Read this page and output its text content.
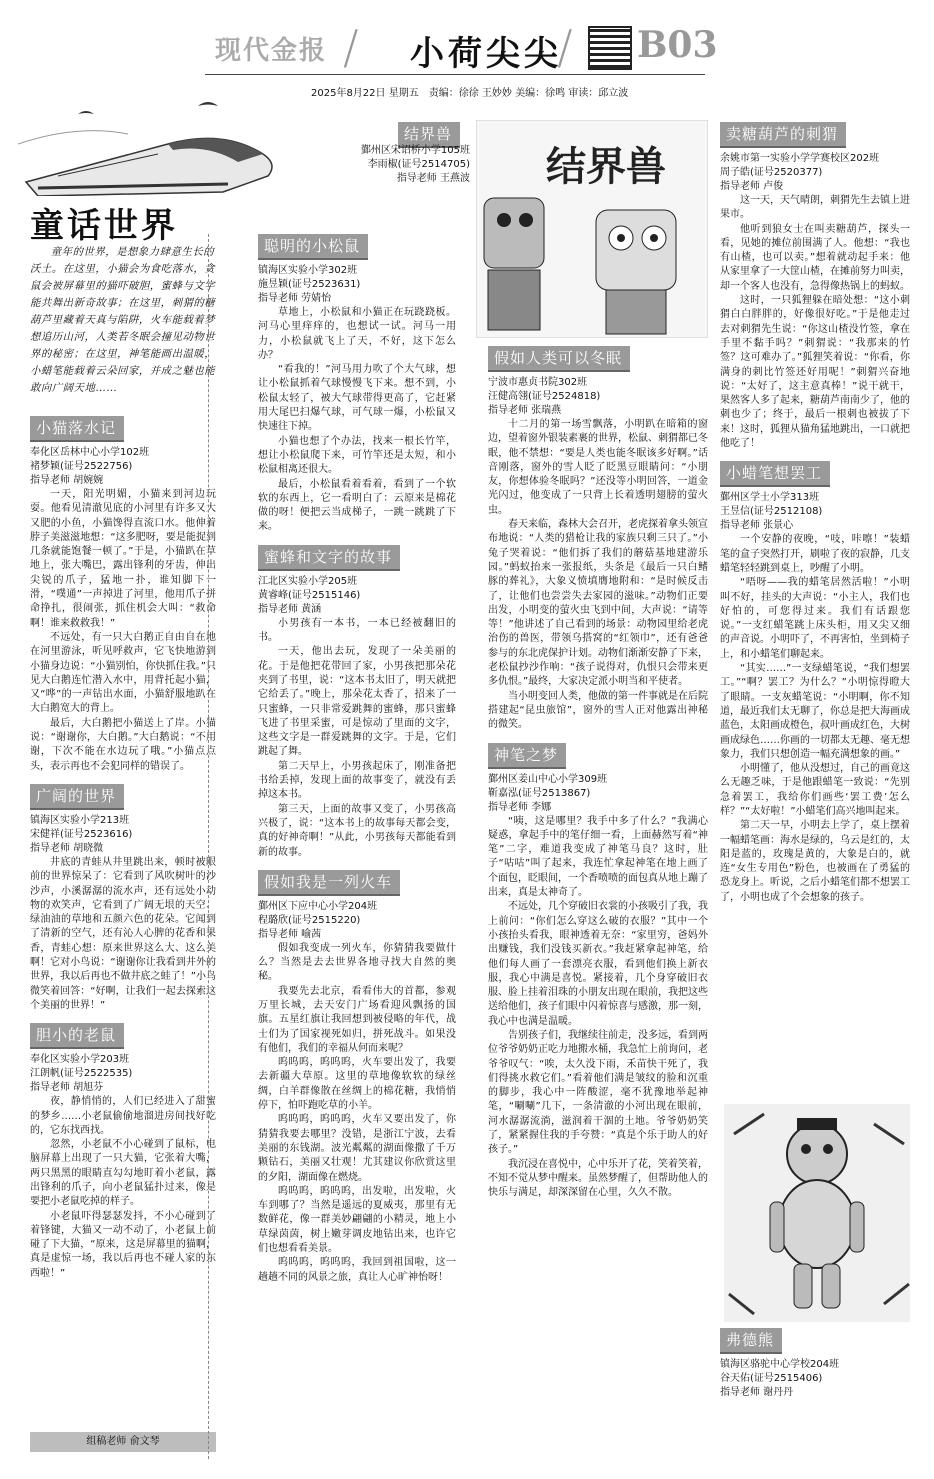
现代金报 / 小荷尖尖
/ B03
2025年8月22日 星期五　责编：徐徐 王妙妙 美编：徐鸣 审读：邱立波
童话世界
童年的世界，是想象力肆意生长的沃土。在这里，小猫会为食吃落水，贪鼠会被屏幕里的猫吓破胆，蜜蜂与文字能共舞出新奇故事；在这里，刺猬的糖葫芦里藏着天真与陷阱，火车能载着梦想追历山河，人类若冬眠会撞见动物世界的秘密；在这里，神笔能画出温暖，小蜡笔能载着云朵回家，并成之魅也能敢向广阔天地……
小猫落水记
奉化区岳林中心小学102班
褚梦颖(证号2522756)
指导老师 胡婉婉

一天，阳光明媚，小猫来到河边玩耍。他看见清澈见底的小河里有许多又大又肥的小鱼，小猫馋得直流口水。他伸着脖子美滋滋地想：“这多肥呀，要是能捉到几条就能饱餐一顿了。”于是，小猫趴在草地上，张大嘴巴，露出锋利的牙齿，伸出尖锐的爪子，猛地一扑，谁知脚下一滑，“噗通”一声掉进了河里，他用爪子拼命挣扎，很闹张，抓住机会大叫：“救命啊！谁来救救我！”

不远处，有一只大白鹅正自由自在地在河里游泳，听见呼救声，它飞快地游到小猫身边说：“小猫别怕，你快抓住我。”只见大白鹅连忙潜入水中，用背托起小猫，又“哗”的一声钻出水面，小猫舒服地趴在大白鹅宽大的背上。

最后，大白鹅把小猫送上了岸。小猫说：“谢谢你，大白鹅。”大白鹅说：“不用谢，下次不能在水边玩了哦。”小猫点点头，表示再也不会犯同样的错误了。

广阔的世界
镇海区实验小学213班
宋健祥(证号2523616)
指导老师 胡晓微

井底的青蛙从井里跳出来，顿时被眼前的世界惊呆了：它看到了风吹树叶的沙沙声，小溪潺潺的流水声，还有远处小动物的欢笑声，它看到了广阔无垠的天空、绿油油的草地和五颜六色的花朵。它闻到了清新的空气，还有沁人心脾的花香和果香，青蛙心想：原来世界这么大、这么美啊！它对小鸟说：“谢谢你让我看到井外的世界，我以后再也不做井底之蛙了！”小鸟微笑着回答：“好啊，让我们一起去探索这个美丽的世界！”

胆小的老鼠
奉化区实验小学203班
江朗帆(证号2522535)
指导老师 胡旭芬

夜，静悄悄的，人们已经进入了甜蜜的梦乡……小老鼠偷偷地溜进房间找好吃的，它东找西找。

忽然，小老鼠不小心碰到了鼠标，电脑屏幕上出现了一只大猫，它张着大嘴，两只黑黑的眼睛直勾勾地盯着小老鼠，露出锋利的爪子，向小老鼠猛扑过来，像是要把小老鼠吃掉的样子。

小老鼠吓得瑟瑟发抖，不小心碰到了着锋键，大猫又一动不动了，小老鼠上前碰了下大猫，“原来，这是屏幕里的猫啊，真是虚惊一场，我以后再也不碰人家的东西啦！”

组稿老师 俞文琴
聪明的小松鼠
镇海区实验小学302班
施昱颖(证号2523631)
指导老师 劳婧怡

草地上，小松鼠和小猫正在玩跷跷板。河马心里痒痒的，也想试一试。河马一用力，小松鼠就飞上了天，不好，这下怎么办？

“看我的！”河马用力吹了个大气球，想让小松鼠抓着气球慢慢飞下来。想不到，小松鼠太轻了，被大气球带得更高了，它赶紧用大尾巴扫爆气球，可气球一爆，小松鼠又快速往下掉。

小猫也想了个办法，找来一根长竹竿，想让小松鼠爬下来，可竹竿还是太短，和小松鼠相离还很大。

最后，小松鼠看着看着，看到了一个软软的东西上，它一看明白了：云原来是棉花做的呀！便把云当成梯子，一跳一跳跳了下来。

蜜蜂和文字的故事
江北区实验小学205班
黄睿峰(证号2515146)
指导老师 黄涵

小男孩有一本书，一本已经被翻旧的书。

一天，他出去玩，发现了一朵美丽的花。于是他把花带回了家，小男孩把那朵花夹到了书里，说：“这本书太旧了，明天就把它给丢了。”晚上，那朵花太香了，招来了一只蜜蜂，一只非常爱跳舞的蜜蜂，那只蜜蜂飞进了书里采蜜，可是惊动了里面的文字，这些文字是一群爱跳舞的文字。于是，它们跳起了舞。

第二天早上，小男孩起床了，刚准备把书给丢掉，发现上面的故事变了，就没有丢掉这本书。

第三天，上面的故事又变了，小男孩高兴极了，说：“这本书上的故事每天都会变，真的好神奇啊！”从此，小男孩每天都能看到新的故事。

假如我是一列火车
鄞州区下应中心小学204班
程璐欣(证号2515220)
指导老师 喻茜

假如我变成一列火车，你猜猜我要做什么？当然是去去世界各地寻找大自然的奥秘。

我要先去北京，看看伟大的首都，参观万里长城，去天安门广场看迎风飘扬的国旗。五星红旗让我回想到被侵略的年代，战士们为了国家视死如归，拼死战斗。如果没有他们，我们的幸福从何而来呢？

呜呜呜，呜呜呜，火车要出发了，我要去新疆大草原。这里的草地像软软的绿丝绸，白羊群像散在丝绸上的棉花糖，我悄悄停下，怕吓跑吃草的小羊。

呜呜呜，呜呜呜，火车又要出发了，你猜猜我要去哪里？没错，是浙江宁波，去看美丽的东钱湖。波光粼粼的湖面像撒了千万颗钻石，美丽又壮观！尤其建议你欣赏这里的夕阳，湖面像在燃烧。

呜呜呜，呜呜呜，出发啦，出发啦，火车到哪了？当然是遥远的夏威夷，那里有无数鲜花，像一群美妙翩翩的小精灵，地上小草绿茵茵，树上嫩芽调皮地钻出来，也许它们也想看看美景。

呜呜呜，呜呜呜，我回到祖国啦，这一趟趟不同的风景之旅，真让人心旷神怡呀！

结界兽
鄞州区宋诏桥小学105班
李雨椒(证号2514705)
指导老师 王燕波 结界兽
假如人类可以冬眠
宁波市惠贞书院302班
汪健高翎(证号2524818)
指导老师 张瑞燕

十二月的第一场雪飘落，小明趴在暗箱的窗边，望着窗外银装素裹的世界，松鼠、刺猬都已冬眠，他不禁想：“要是人类也能冬眠该多好啊。”话音刚落，窗外的雪人眨了眨黑豆眼睛问：“小朋友，你想体验冬眠吗？”还没等小明回答，一道金光闪过，他变成了一只背上长着透明翅膀的萤火虫。

春天来临，森林大会召开，老虎探着拿头领宣布地说：“人类的猎枪让我的家族只剩三只了。”小兔子哭着说：“他们拆了我们的蘑菇基地建游乐园。”蚂蚁抬来一张报纸，头条是《最后一只白鳍豚的葬礼》，大象义愤填膺地附和：“是时候反击了，让他们也尝尝失去家园的滋味。”动物们正要出发，小明变的萤火虫飞到中间，大声说：“请等等！”他讲述了自己看到的场景：动物园里给老虎治伤的兽医，带领乌搭窝的“红领巾”，还有爸爸参与的东北虎保护计划。动物们渐渐安静了下来，老松鼠抄沙作响：“孩子说得对，仇恨只会带来更多仇恨。”最终，大家决定派小明当和平使者。

当小明变回人类，他做的第一件事就是在后院搭建起“昆虫旅馆”，窗外的雪人正对他露出神秘的微笑。

神笔之梦
鄞州区姜山中心小学309班
靳嘉泓(证号2513867)
指导老师 李娜

“咦，这是哪里？我手中多了什么？”我满心疑惑，拿起手中的笔仔细一看，上面赫然写着“神笔”二字，难道我变成了神笔马良？这时，肚子“咕咕”叫了起来，我连忙拿起神笔在地上画了个面包，眨眼间，一个香喷喷的面包真从地上蹦了出来，真是太神奇了。

不远处，几个穿破旧衣裳的小孩吸引了我，我上前问：“你们怎么穿这么破的衣服？”其中一个小孩抬头看我，眼神透着无奈：“家里穷，爸妈外出赚钱，我们没钱买新衣。”我赶紧拿起神笔，给他们每人画了一套漂亮衣服，看到他们换上新衣服，我心中满是喜悦。紧接着，几个身穿破旧衣服、脸上挂着泪珠的小朋友出现在眼前，我把这些送给他们，孩子们眼中闪着惊喜与感激，那一刻，我心中也满是温暖。

告别孩子们，我继续往前走，没多远，看到两位爷爷奶奶正吃力地搬水桶，我急忙上前询问，老爷爷叹气：“唉，太久没下雨，禾苗快干死了，我们得挑水救它们。”看着他们满是皱纹的脸和沉重的脚步，我心中一阵酸涩，毫不犹豫地举起神笔，“唰唰”几下，一条清澈的小河出现在眼前，河水潺潺流淌，滋润着干涸的土地。爷爷奶奶笑了，紧紧握住我的手夸赞：“真是个乐于助人的好孩子。”

我沉浸在喜悦中，心中乐开了花，笑着笑着，不知不觉从梦中醒来。虽然梦醒了，但帮助他人的快乐与满足，却深深留在心里，久久不散。

卖糖葫芦的刺猬
余姚市第一实验小学学赛校区202班
周子皓(证号2520377)
指导老师 卢俊

这一天，天气晴朗，刺猬先生去镇上进果市。

他听到狼女士在叫卖糖葫芦，探头一看，见她的摊位前围满了人。他想：“我也有山楂，也可以卖。”想着就动起手来：他从家里拿了一大筐山楂，在摊前努力叫卖，却一个客人也没有，急得像热锅上的蚂蚁。

这时，一只狐狸躲在暗处想：“这小刺猬白白胖胖的，好像很好吃。”于是他走过去对刺猬先生说：“你这山楂没竹签，拿在手里不黏手吗？”刺猬说：“我那来的竹签？这可难办了。”狐狸笑着说：“你看，你满身的刺比竹签还好用呢！”刺猬兴奋地说：“太好了，这主意真棒！”说干就干，果然客人多了起来，糖葫芦南南少了，他的刺也少了；终于，最后一根刺也被拔了下来！这时，狐狸从猫角猛地跳出，一口就把他吃了！

小蜡笔想罢工
鄞州区学士小学313班
王昱信(证号2512108)
指导老师 张景心

一个安静的夜晚，“吱，咔嚓！”装蜡笔的盒子突然打开，刷啦了夜的寂静，几支蜡笔轻轻跳到桌上，吵醒了小明。

“唔呀——我的蜡笔居然活啦！”小明叫不好，挂头的大声说：“小主人，我们也好怕的，可您得过来。我们有话跟您说。”一支红蜡笔跳上床头柜，用又尖又细的声音说。小明吓了，不再害怕，坐到椅子上，和小蜡笔们聊起来。

“其实……”一支绿蜡笔说，“我们想罢工。”“啊？罢工？为什么？”小明惊得瞪大了眼睛。一支灰蜡笔说：“小明啊，你不知道，最近我们太无聊了，你总是把大海画成蓝色，太阳画成橙色，叔叶画成红色，大树画成绿色……你画的一切都太无趣、毫无想象力，我们只想创造一幅充满想象的画。”

小明懂了，他从没想过，自己的画竟这么无趣乏味，于是他跟蜡笔一致说：“先别急着罢工，我给你们画些‘罢工费’怎么样？”“太好啦！”小蜡笔们高兴地叫起来。

第二天一早，小明去上学了，桌上摆着一幅蜡笔画：海水是绿的，乌云是红的，太阳是蓝的，玫瑰是黄的，大象是白的，就连“女生专用色”粉色，也被画在了勇猛的恐龙身上。听说，之后小蜡笔们都不想罢工了，小明也成了个会想象的孩子。

弗德熊
镇海区骆驼中心学校204班
谷天佑(证号2515406)
指导老师 谢丹丹
